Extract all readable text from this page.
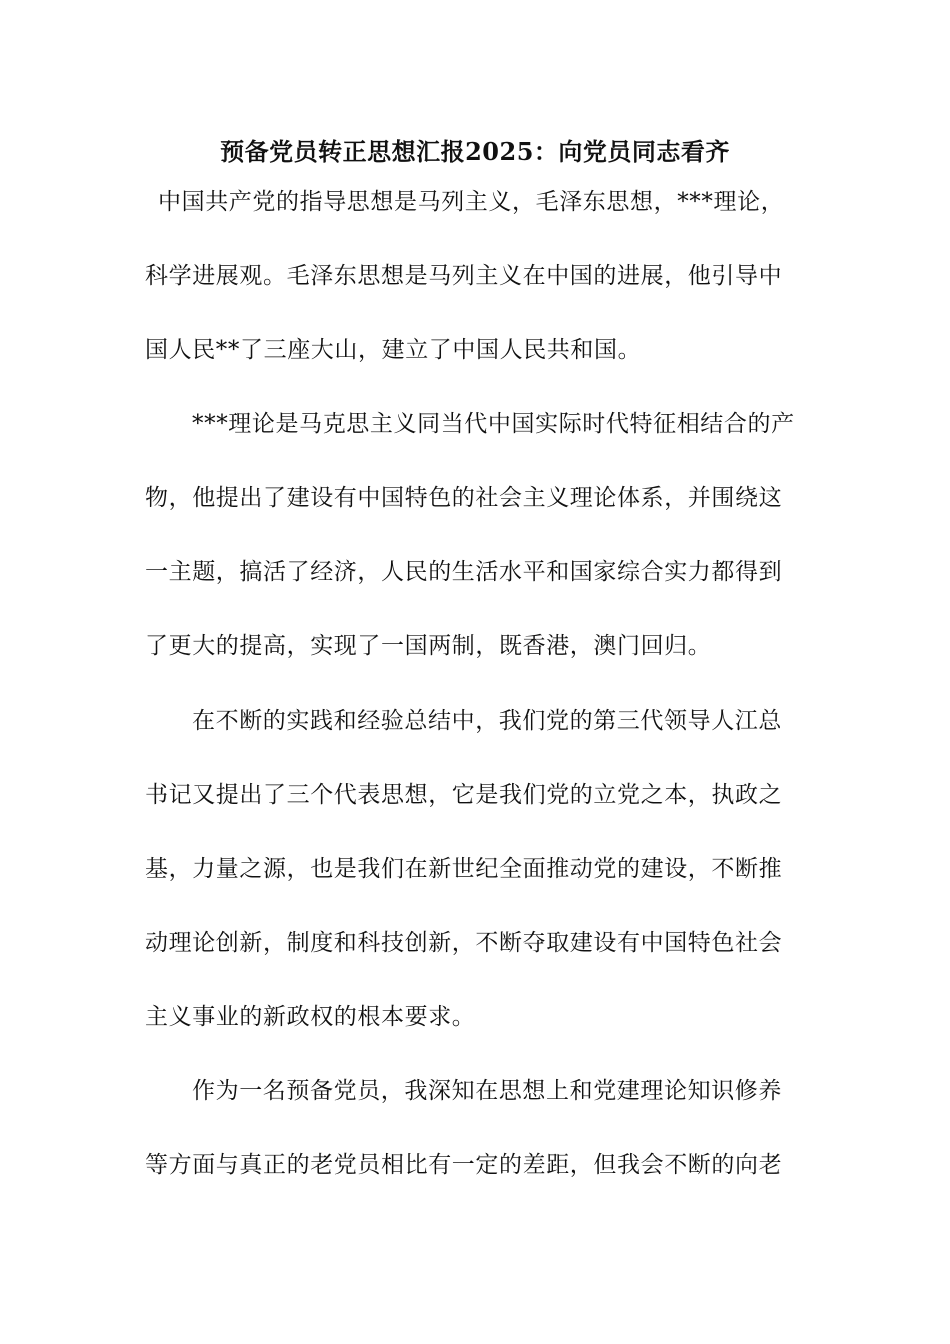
预备党员转正思想汇报2025：向党员同志看齐
中国共产党的指导思想是马列主义，毛泽东思想，***理论，
科学进展观。毛泽东思想是马列主义在中国的进展，他引导中
国人民**了三座大山，建立了中国人民共和国。
***理论是马克思主义同当代中国实际时代特征相结合的产
物，他提出了建设有中国特色的社会主义理论体系，并围绕这
一主题，搞活了经济，人民的生活水平和国家综合实力都得到
了更大的提高，实现了一国两制，既香港，澳门回归。
在不断的实践和经验总结中，我们党的第三代领导人江总
书记又提出了三个代表思想，它是我们党的立党之本，执政之
基，力量之源，也是我们在新世纪全面推动党的建设，不断推
动理论创新，制度和科技创新，不断夺取建设有中国特色社会
主义事业的新政权的根本要求。
作为一名预备党员，我深知在思想上和党建理论知识修养
等方面与真正的老党员相比有一定的差距，但我会不断的向老
